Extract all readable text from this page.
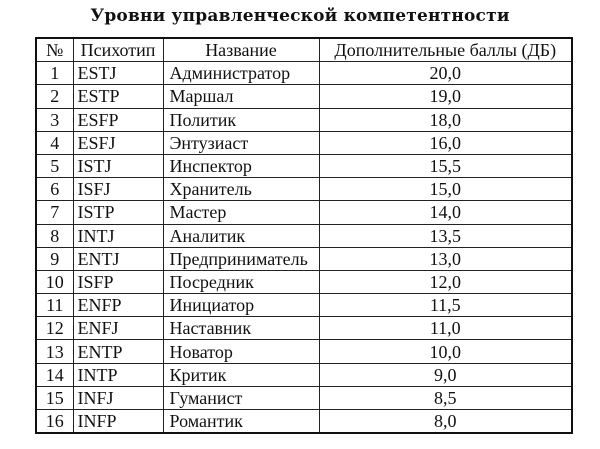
Уровни управленческой компетентности
№	Психотип	Название	Дополнительные баллы (ДБ)
1	ESTJ	Администратор	20,0
2	ESTP	Маршал	19,0
3	ESFP	Политик	18,0
4	ESFJ	Энтузиаст	16,0
5	ISTJ	Инспектор	15,5
6	ISFJ	Хранитель	15,0
7	ISTP	Мастер	14,0
8	INTJ	Аналитик	13,5
9	ENTJ	Предприниматель	13,0
10	ISFP	Посредник	12,0
11	ENFP	Инициатор	11,5
12	ENFJ	Наставник	11,0
13	ENTP	Новатор	10,0
14	INTP	Критик	9,0
15	INFJ	Гуманист	8,5
16	INFP	Романтик	8,0
